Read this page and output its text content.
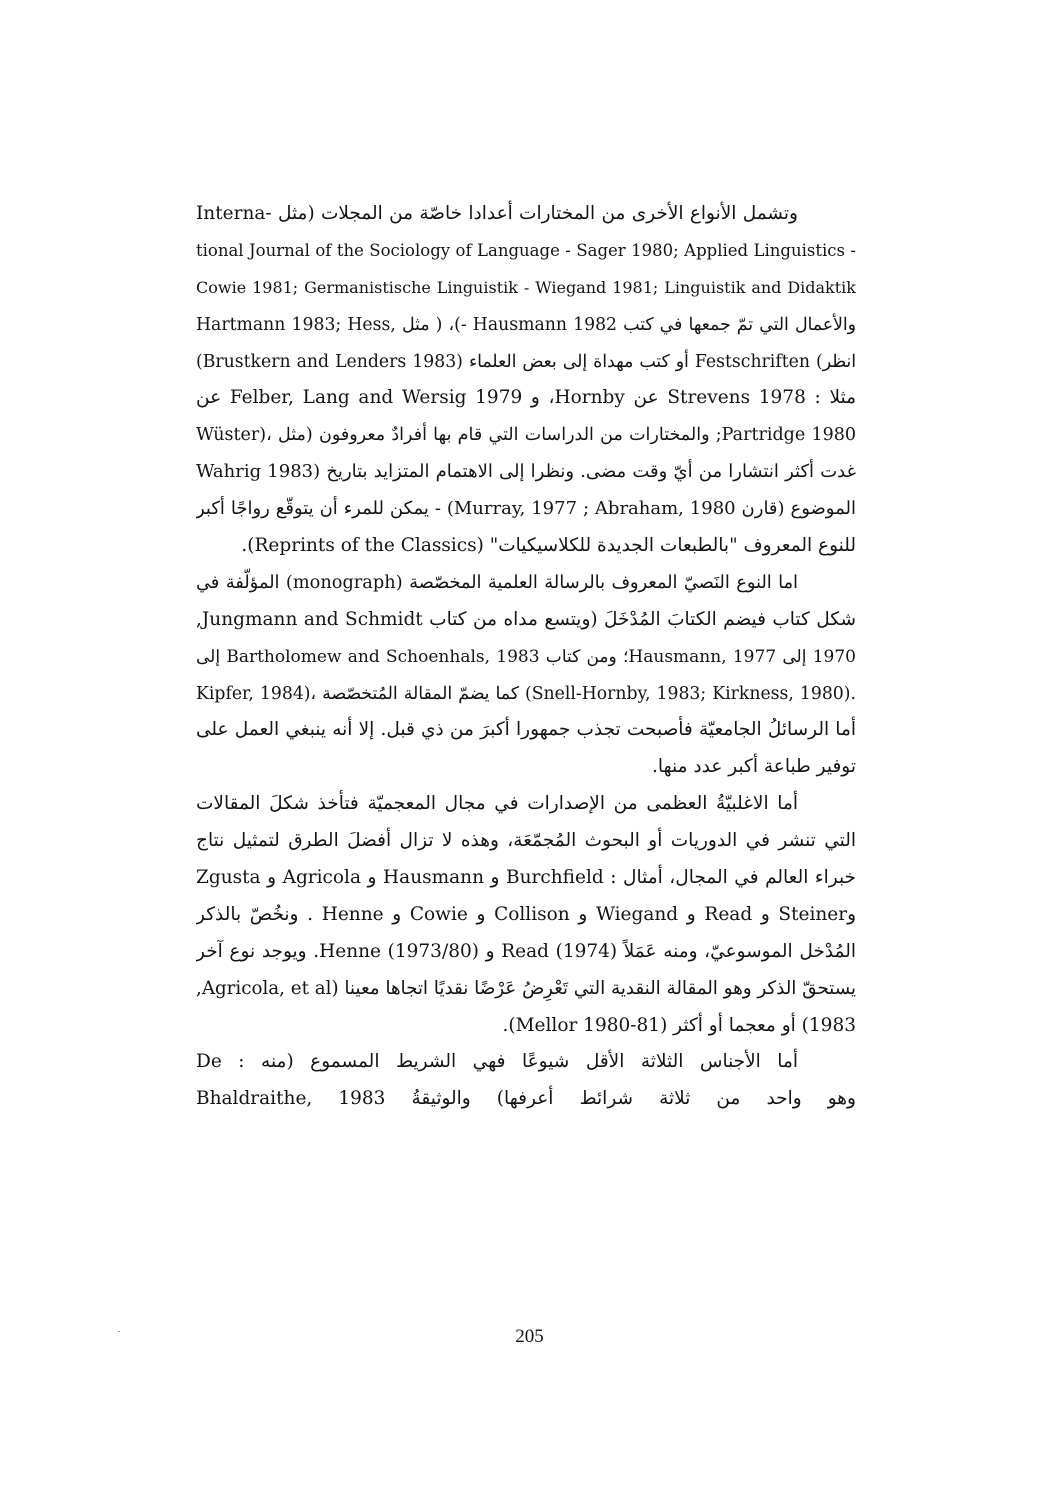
وتشمل الأنواع الأخرى من المختارات أعدادا خاصّة من المجلات (مثل -Interna
tional Journal of the Sociology of Language - Sager 1980; Applied Linguistics -
Cowie 1981; Germanistische Linguistik - Wiegand 1981; Linguistik and Didaktik
Hartmann 1983; Hess, مثل ) ،(- Hausmann 1982 والأعمال التي تمّ جمعها في كتب
(Brustkern and Lenders 1983) أو كتب مهداة إلى بعض العلماء Festschriften (انظر
مثلا : Strevens 1978 عن Hornby، و Felber, Lang and Wersig 1979 عن
Wüster)، والمختارات من الدراسات التي قام بها أفرادٌ معروفون (مثل ;Partridge 1980
Wahrig 1983) غدت أكثر انتشارا من أيّ وقت مضى. ونظرا إلى الاهتمام المتزايد بتاريخ
الموضوع (قارن Murray, 1977 ; Abraham, 1980) - يمكن للمرء أن يتوقّع رواجًا أكبر
للنوع المعروف "بالطبعات الجديدة للكلاسيكيات" (Reprints of the Classics).
اما النوع النَصيّ المعروف بالرسالة العلمية المخصّصة (monograph) المؤلّفة في
شكل كتاب فيضم الكتابَ المُدْخَلَ (ويتسع مداه من كتاب Jungmann and Schmidt,
1970 إلى Hausmann, 1977؛ ومن كتاب Bartholomew and Schoenhals, 1983 إلى
Kipfer, 1984)، كما يضمّ المقالة المُتخصّصة (Snell-Hornby, 1983; Kirkness, 1980).
أما الرسائلُ الجامعيّة فأصبحت تجذب جمهورا أكبرَ من ذي قبل. إلا أنه ينبغي العمل على
توفير طباعة أكبر عدد منها.
أما الاغلبيّةُ العظمى من الإصدارات في مجال المعجميّة فتأخذ شكلَ المقالات
التي تنشر في الدوريات أو البحوث المُجمّعَة، وهذه لا تزال أفضلَ الطرق لتمثيل نتاج
خبراء العالم في المجال، أمثال : Burchfield و Hausmann و Agricola و Zgusta
وSteiner و Read و Wiegand و Collison و Cowie و Henne . ونخُصّ بالذكر
المُدْخل الموسوعيّ، ومنه عَمَلاً (1974) Read و (1973/80) Henne. ويوجد نوع آخر
يستحقّ الذكر وهو المقالة النقدية التي تَعْرِضُ عَرْضًا نقديًا اتجاها معينا (Agricola, et al,
1983) أو معجما أو أكثر (Mellor 1980-81).
أما الأجناس الثلاثة الأقل شيوعًا فهي الشريط المسموع (منه : De
Bhaldraithe, 1983 وهو واحد من ثلاثة شرائط أعرفها) والوثيقةُ
205
